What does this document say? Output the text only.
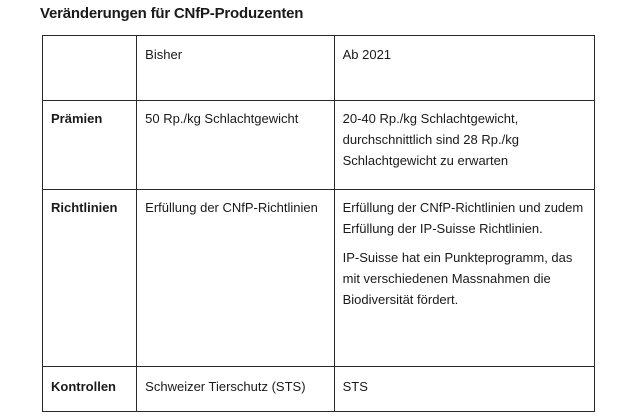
Veränderungen für CNfP-Produzenten
	Bisher	Ab 2021
Prämien	50 Rp./kg Schlachtgewicht	20-40 Rp./kg Schlachtgewicht, durchschnittlich sind 28 Rp./kg Schlachtgewicht zu erwarten

Richtlinien	Erfüllung der CNfP-Richtlinien	Erfüllung der CNfP-Richtlinien und zudem Erfüllung der IP-Suisse Richtlinien.
IP-Suisse hat ein Punkteprogramm, das mit verschiedenen Massnahmen die Biodiversität fördert.

Kontrollen	Schweizer Tierschutz (STS)	STS
